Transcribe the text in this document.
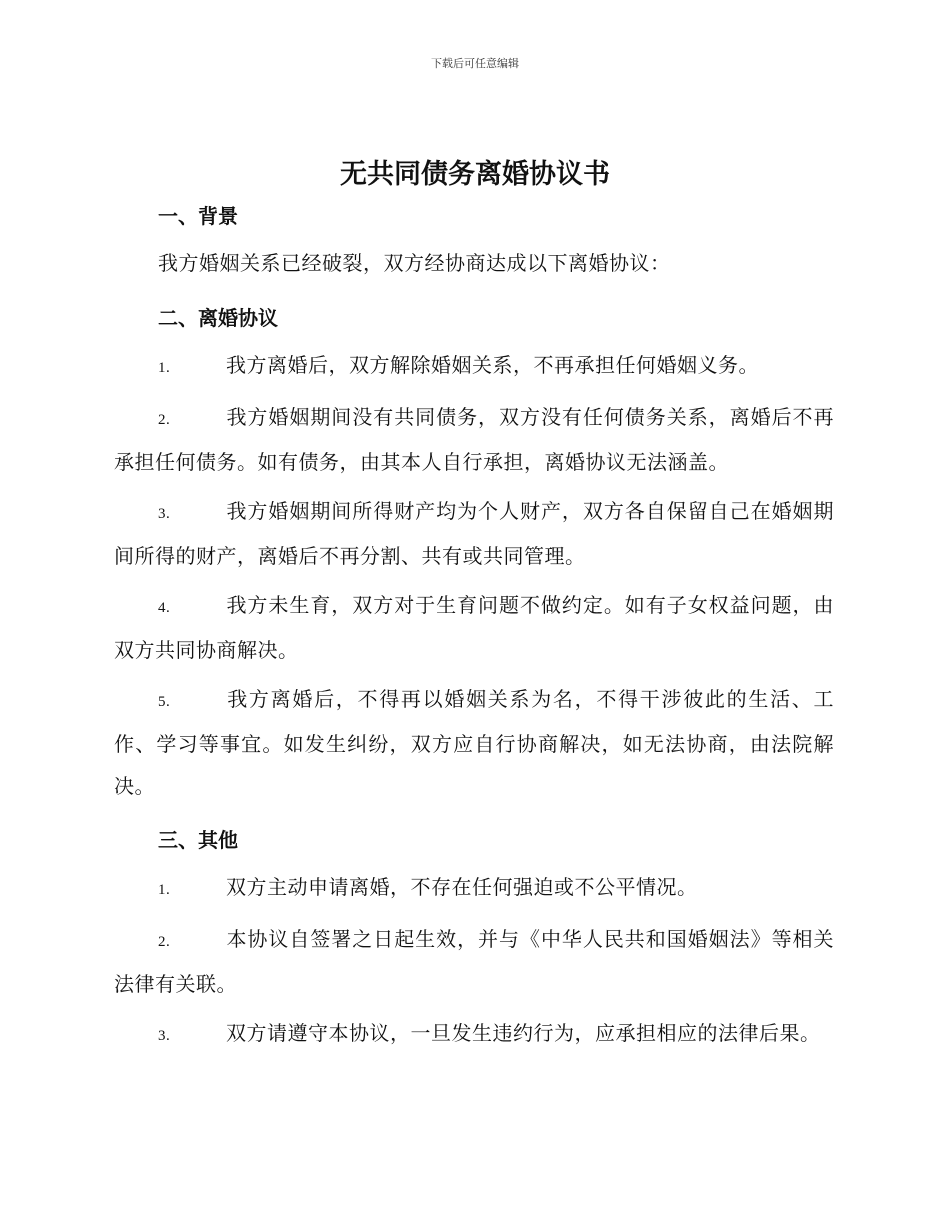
下载后可任意编辑
无共同债务离婚协议书
一、背景
我方婚姻关系已经破裂，双方经协商达成以下离婚协议：
二、离婚协议
1.	我方离婚后，双方解除婚姻关系，不再承担任何婚姻义务。
2.	我方婚姻期间没有共同债务，双方没有任何债务关系，离婚后不再承担任何债务。如有债务，由其本人自行承担，离婚协议无法涵盖。
3.	我方婚姻期间所得财产均为个人财产，双方各自保留自己在婚姻期间所得的财产，离婚后不再分割、共有或共同管理。
4.	我方未生育，双方对于生育问题不做约定。如有子女权益问题，由双方共同协商解决。
5.	我方离婚后，不得再以婚姻关系为名，不得干涉彼此的生活、工作、学习等事宜。如发生纠纷，双方应自行协商解决，如无法协商，由法院解决。
三、其他
1.	双方主动申请离婚，不存在任何强迫或不公平情况。
2.	本协议自签署之日起生效，并与《中华人民共和国婚姻法》等相关法律有关联。
3.	双方请遵守本协议，一旦发生违约行为，应承担相应的法律后果。
